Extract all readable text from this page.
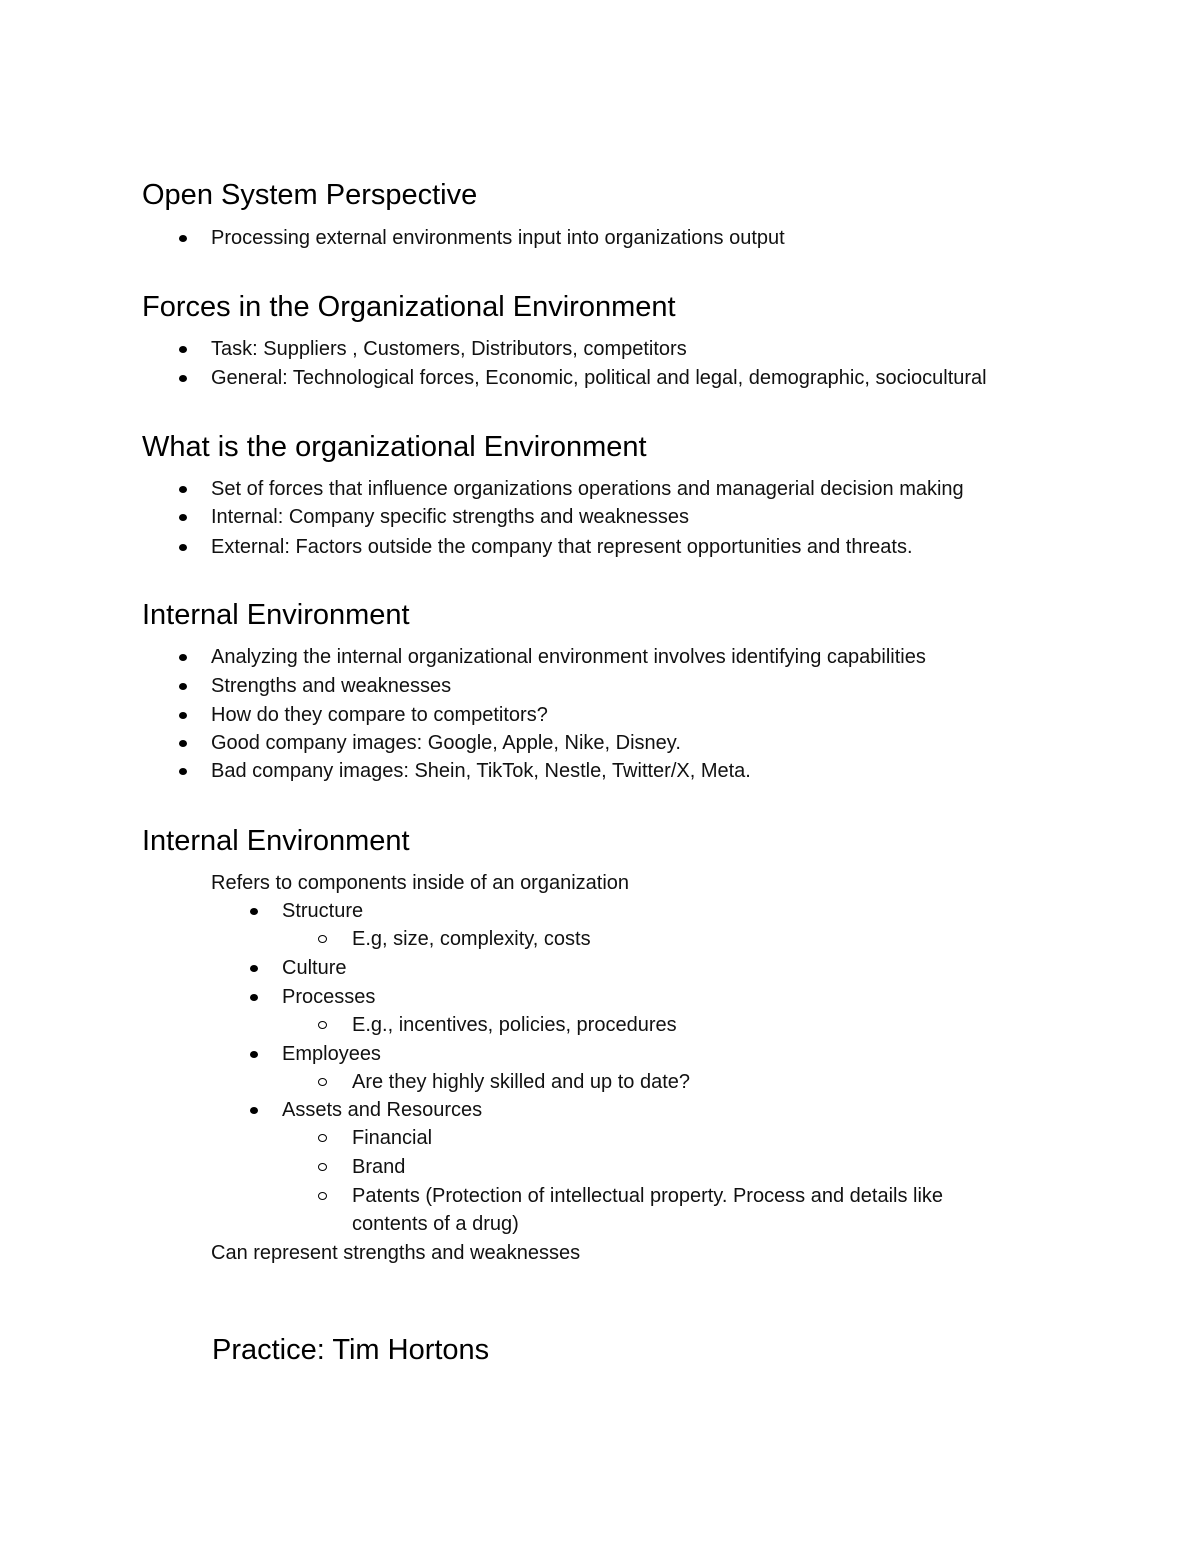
Open System Perspective

Processing external environments input into organizations output

Forces in the Organizational Environment

Task: Suppliers , Customers, Distributors, competitors

General: Technological forces, Economic, political and legal, demographic, sociocultural

What is the organizational Environment

Set of forces that influence organizations operations and managerial decision making

Internal: Company specific strengths and weaknesses

External: Factors outside the company that represent opportunities and threats.

Internal Environment

Analyzing the internal organizational environment involves identifying capabilities

Strengths and weaknesses

How do they compare to competitors?

Good company images: Google, Apple, Nike, Disney.

Bad company images: Shein, TikTok, Nestle, Twitter/X, Meta.

Internal Environment

Refers to components inside of an organization

Structure

E.g, size, complexity, costs

Culture

Processes

E.g., incentives, policies, procedures

Employees

Are they highly skilled and up to date?

Assets and Resources

Financial

Brand

Patents (Protection of intellectual property. Process and details like

contents of a drug)

Can represent strengths and weaknesses

Practice: Tim Hortons
